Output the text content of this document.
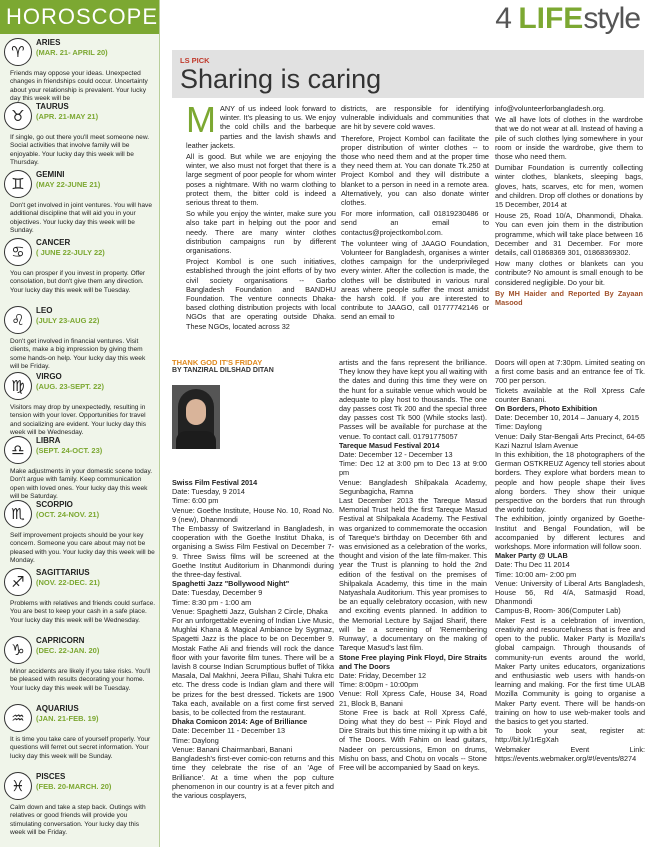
HOROSCOPE
♈
ARIES
(MAR. 21- APRIL 20)
Friends may oppose your ideas. Unexpected changes in friendships could occur. Uncertainty about your relationship is prevalent. Your lucky day this week will be
♉
TAURUS
(APR. 21-MAY 21)
If single, go out there you'll meet someone new. Social activities that involve family will be enjoyable. Your lucky day this week will be Thursday.
♊
GEMINI
(MAY 22-JUNE 21)
Don't get involved in joint ventures. You will have additional discipline that will aid you in your objectives. Your lucky day this week will be Sunday.
♋
CANCER
( JUNE 22-JULY 22)
You can prosper if you invest in property. Offer consolation, but don't give them any direction. Your lucky day this week will be Tuesday.
♌
LEO
(JULY 23-AUG 22)
Don't get involved in financial ventures. Visit clients, make a big impression by giving them some hands-on help. Your lucky day this week will be Friday.
♍
VIRGO
(AUG. 23-SEPT. 22)
Visitors may drop by unexpectedly, resulting in tension with your lover. Opportunities for travel and socializing are evident. Your lucky day this week will be Wednesday.
♎
LIBRA
(SEPT. 24-OCT. 23)
Make adjustments in your domestic scene today. Don't argue with family. Keep communication open with loved ones. Your lucky day this week will be Saturday.
♏
SCORPIO
(OCT. 24-NOV. 21)
Self improvement projects should be your key concern. Someone you care about may not be pleased with you. Your lucky day this week will be Monday.
♐
SAGITTARIUS
(NOV. 22-DEC. 21)
Problems with relatives and friends could surface. You are best to keep your cash in a safe place. Your lucky day this week will be Wednesday.
♑
CAPRICORN
(DEC. 22-JAN. 20)
Minor accidents are likely if you take risks. You'll be pleased with results decorating your home. Your lucky day this week will be Tuesday.
♒
AQUARIUS
(JAN. 21-FEB. 19)
It is time you take care of yourself properly. Your questions will ferret out secret information. Your lucky day this week will be Sunday.
♓
PISCES
(FEB. 20-MARCH. 20)
Calm down and take a step back. Outings with relatives or good friends will provide you stimulating conversation. Your lucky day this week will be Friday.
4 LIFEstyle
LS PICK
Sharing is caring

MANY of us indeed look forward to winter. It's pleasing to us. We enjoy the cold chills and the barbeque parties and the lavish shawls and leather jackets.

All is good. But while we are enjoying the winter, we also must not forget that there is a large segment of poor people for whom winter poses a nightmare. With no warm clothing to protect them, the bitter cold is indeed a serious threat to them.

So while you enjoy the winter, make sure you also take part in helping out the poor and needy. There are many winter clothes distribution campaigns run by different organisations.

Project Kombol is one such initiatives, established through the joint efforts of by two civil society organisations -- Garbo Bangladesh Foundation and BANDHU Foundation. The venture connects Dhaka-based clothing distribution projects with local NGOs that are operating outside Dhaka. These NGOs, located across 32

districts, are responsible for identifying vulnerable individuals and communities that are hit by severe cold waves.

Therefore, Project Kombol can facilitate the proper distribution of winter clothes -- to those who need them and at the proper time they need them at. You can donate Tk.250 at Project Kombol and they will distribute a blanket to a person in need in a remote area. Alternatively, you can also donate winter clothes.

For more information, call 01819230486 or send an email to contactus@projectkombol.com.

The volunteer wing of JAAGO Foundation, Volunteer for Bangladesh, organises a winter clothes campaign for the underprivileged every winter. After the collection is made, the clothes will be distributed in various rural areas where people suffer the most amidst the harsh cold. If you are interested to contribute to JAAGO, call 01777742146 or send an email to

info@volunteerforbangladesh.org.

We all have lots of clothes in the wardrobe that we do not wear at all. Instead of having a pile of such clothes lying somewhere in your room or inside the wardrobe, give them to those who need them.

Durnibar Foundation is currently collecting winter clothes, blankets, sleeping bags, gloves, hats, scarves, etc for men, women and children. Drop off clothes or donations by 15 December, 2014 at

House 25, Road 10/A, Dhanmondi, Dhaka. You can even join them in the distribution programme, which will take place between 16 December and 31 December. For more details, call 01868369 301, 01868369302.

How many clothes or blankets can you contribute? No amount is small enough to be considered negligible. Do your bit.

By MH Haider and Reported By Zayaan Masood

THANK GOD IT'S FRIDAY
BY TANZIRAL DILSHAD DITAN

Swiss Film Festival 2014

Date: Tuesday, 9 2014

Time: 6:00 pm

Venue: Goethe Institute, House No. 10, Road No. 9 (new), Dhanmondi

The Embassy of Switzerland in Bangladesh, in cooperation with the Goethe Institut Dhaka, is organising a Swiss Film Festival on December 7-9. Three Swiss films will be screened at the Goethe Institut Auditorium in Dhanmondi during the three-day festival.

Spaghetti Jazz "Bollywood Night"

Date: Tuesday, December 9

Time: 8:30 pm - 1:00 am

Venue: Spaghetti Jazz, Gulshan 2 Circle, Dhaka

For an unforgettable evening of Indian Live Music, Mughlai Khana & Magical Ambiance by Sygmaz, Spagetti Jazz is the place to be on December 9. Mostak Fathe Ali and friends will rock the dance floor with your favorite film tunes. There will be a lavish 8 course Indian Scrumptious buffet of Tikka Masala, Dal Makhni, Jeera Pillau, Shahi Tukra etc etc. The dress code is Indian glam and there will be prizes for the best dressed. Tickets are 1900 Taka each, available on a first come first served basis, to be collected from the restaurant.

Dhaka Comicon 2014: Age of Brilliance

Date: December 11 - December 13

Time: Daylong

Venue: Banani Chairmanbari, Banani

Bangladesh's first-ever comic-con returns and this time they celebrate the rise of an 'Age of Brilliance'. At a time when the pop culture phenomenon in our country is at a fever pitch and the various cosplayers,

artists and the fans represent the brilliance. They know they have kept you all waiting with the dates and during this time they were on the hunt for a suitable venue which would be adequate to play host to thousands. The one day passes cost Tk 200 and the special three day passes cost Tk 500 (While stocks last). Passes will be available for purchase at the venue. To contact call. 01791775057

Tareque Masud Festival 2014

Date: December 12 - December 13

Time: Dec 12 at 3:00 pm to Dec 13 at 9:00 pm

Venue: Bangladesh Shilpakala Academy, Segunbagicha, Ramna

Last December 2013 the Tareque Masud Memorial Trust held the first Tareque Masud Festival at Shilpakala Academy. The Festival was organized to commemorate the occasion of Tareque's birthday on December 6th and was envisioned as a celebration of the works, thought and vision of the late film-maker. This year the Trust is planning to hold the 2nd edition of the festival on the premises of Shilpakala Academy, this time in the main Natyashala Auditorium. This year promises to be an equally celebratory occasion, with new and exciting events planned. In addition to the Memorial Lecture by Sajjad Sharif, there will be a screening of 'Remembering Runway', a documentary on the making of Tareque Masud's last film.

Stone Free playing Pink Floyd, Dire Straits and The Doors

Date: Friday, December 12

Time: 8:00pm - 10:00pm

Venue: Roll Xpress Cafe, House 34, Road 21, Block B, Banani

Stone Free is back at Roll Xpress Café, Doing what they do best -- Pink Floyd and Dire Straits but this time mixing it up with a bit of The Doors. With Fahim on lead guitars, Nadeer on percussions, Emon on drums, Mishu on bass, and Chotu on vocals -- Stone Free will be accompanied by Saad on keys.

Doors will open at 7:30pm. Limited seating on a first come basis and an entrance fee of Tk. 700 per person.

Tickets available at the Roll Xpress Cafe counter Banani.

On Borders, Photo Exhibition

Date: December 10, 2014 – January 4, 2015

Time: Daylong

Venue: Daily Star-Bengali Arts Precinct, 64-65 Kazi Nazrul Islam Avenue

In this exhibition, the 18 photographers of the German OSTKREUZ Agency tell stories about borders. They explore what borders mean to people and how people shape their lives along borders. They show their unique perspective on the borders that run through the world today.

The exhibition, jointly organized by Goethe-Institut and Bengal Foundation, will be accompanied by different lectures and workshops. More information will follow soon.

Maker Party @ ULAB

Date: Thu Dec 11 2014

Time: 10:00 am- 2:00 pm

Venue: University of Liberal Arts Bangladesh, House 56, Rd 4/A, Satmasjid Road, Dhanmondi

Campus-B, Room- 306(Computer Lab)

Maker Fest is a celebration of invention, creativity and resourcefulness that is free and open to the public. Maker Party is Mozilla's global campaign. Through thousands of community-run events around the world, Maker Party unites educators, organizations and enthusiastic web users with hands-on learning and making. For the first time ULAB Mozilla Community is going to organise a Maker Party event. There will be hands-on training on how to use web-maker tools and the basics to get you started.

To book your seat, register at: http://bit.ly/1rEgXah

Webmaker Event Link: https://events.webmaker.org/#!/events/8274
